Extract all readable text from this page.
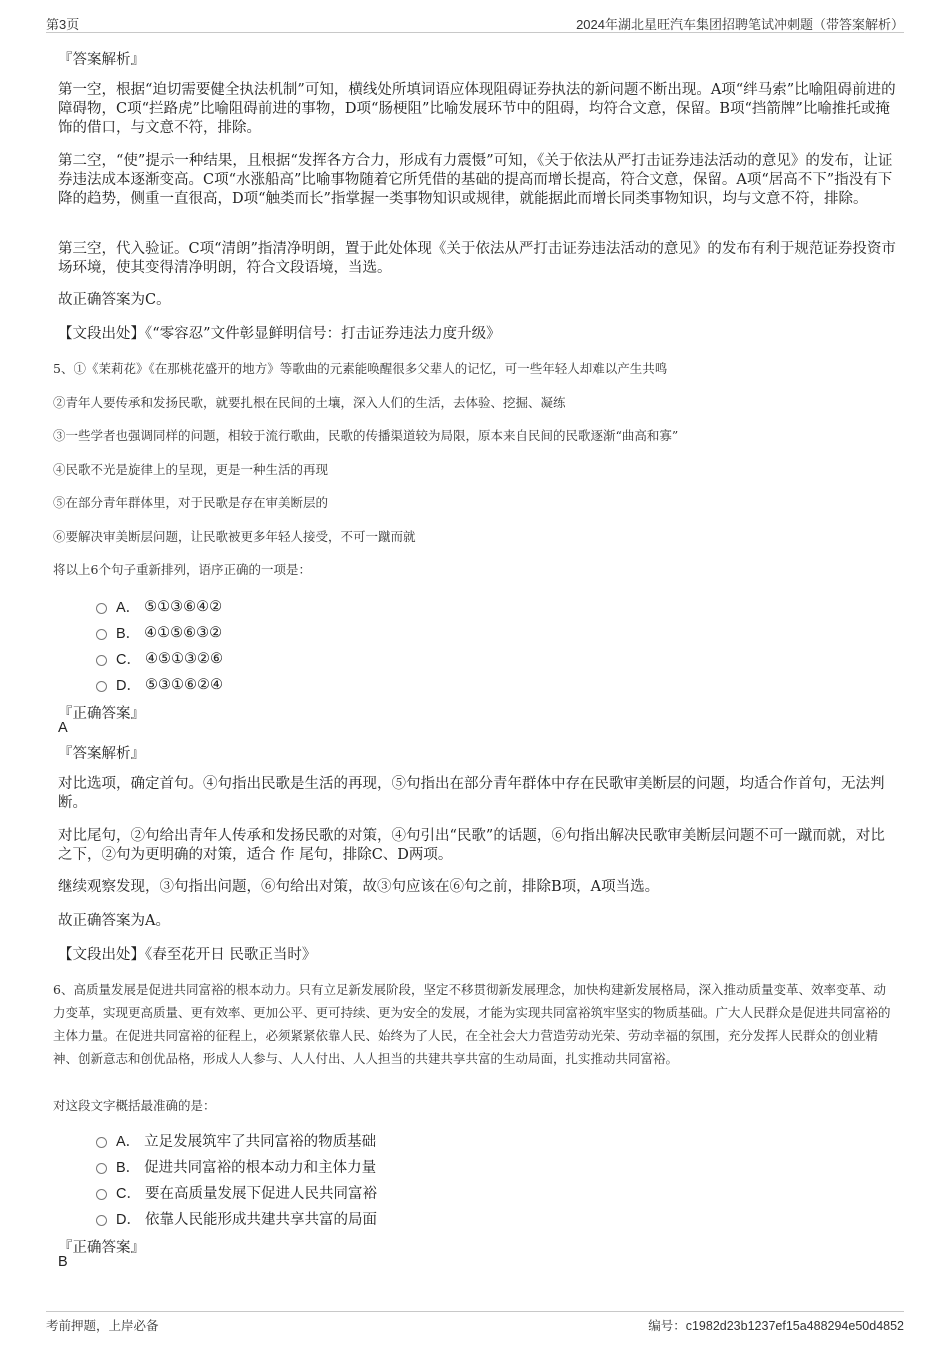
第3页	2024年湖北星旺汽车集团招聘笔试冲刺题（带答案解析）
『答案解析』

第一空，根据“迫切需要健全执法机制”可知，横线处所填词语应体现阻碍证券执法的新问题不断出现。A项“绊马索”比喻阻碍前进的障碍物，C项“拦路虎”比喻阻碍前进的事物，D项“肠梗阻”比喻发展环节中的阻碍，均符合文意，保留。B项“挡箭牌”比喻推托或掩饰的借口，与文意不符，排除。

第二空，“使”提示一种结果，且根据“发挥各方合力，形成有力震慑”可知，《关于依法从严打击证券违法活动的意见》的发布，让证券违法成本逐渐变高。C项“水涨船高”比喻事物随着它所凭借的基础的提高而增长提高，符合文意，保留。A项“居高不下”指没有下降的趋势，侧重一直很高，D项“触类而长”指掌握一类事物知识或规律，就能据此而增长同类事物知识，均与文意不符，排除。

第三空，代入验证。C项“清朗”指清净明朗，置于此处体现《关于依法从严打击证券违法活动的意见》的发布有利于规范证券投资市场环境，使其变得清净明朗，符合文段语境，当选。

故正确答案为C。

【文段出处】《“零容忍”文件彰显鲜明信号：打击证券违法力度升级》

5、①《茉莉花》《在那桃花盛开的地方》等歌曲的元素能唤醒很多父辈人的记忆，可一些年轻人却难以产生共鸣

②青年人要传承和发扬民歌，就要扎根在民间的土壤，深入人们的生活，去体验、挖掘、凝练

③一些学者也强调同样的问题，相较于流行歌曲，民歌的传播渠道较为局限，原本来自民间的民歌逐渐“曲高和寡”

④民歌不光是旋律上的呈现，更是一种生活的再现

⑤在部分青年群体里，对于民歌是存在审美断层的

⑥要解决审美断层问题，让民歌被更多年轻人接受，不可一蹴而就

将以上6个句子重新排列，语序正确的一项是：

A． ⑤①③⑥④②
B． ④①⑤⑥③②
C． ④⑤①③②⑥
D． ⑤③①⑥②④
『正确答案』
A
『答案解析』

对比选项，确定首句。④句指出民歌是生活的再现，⑤句指出在部分青年群体中存在民歌审美断层的问题，均适合作首句，无法判断。

对比尾句，②句给出青年人传承和发扬民歌的对策，④句引出“民歌”的话题，⑥句指出解决民歌审美断层问题不可一蹴而就，对比之下，②句为更明确的对策，适合 作 尾句，排除C、D两项。

继续观察发现，③句指出问题，⑥句给出对策，故③句应该在⑥句之前，排除B项，A项当选。

故正确答案为A。

【文段出处】《春至花开日 民歌正当时》

6、高质量发展是促进共同富裕的根本动力。只有立足新发展阶段，坚定不移贯彻新发展理念，加快构建新发展格局，深入推动质量变革、效率变革、动力变革，实现更高质量、更有效率、更加公平、更可持续、更为安全的发展，才能为实现共同富裕筑牢坚实的物质基础。广大人民群众是促进共同富裕的主体力量。在促进共同富裕的征程上，必须紧紧依靠人民、始终为了人民，在全社会大力营造劳动光荣、劳动幸福的氛围，充分发挥人民群众的创业精神、创新意志和创优品格，形成人人参与、人人付出、人人担当的共建共享共富的生动局面，扎实推动共同富裕。

对这段文字概括最准确的是：

A． 立足发展筑牢了共同富裕的物质基础
B． 促进共同富裕的根本动力和主体力量
C． 要在高质量发展下促进人民共同富裕
D． 依靠人民能形成共建共享共富的局面
『正确答案』
B
考前押题，上岸必备	编号：c1982d23b1237ef15a488294e50d4852
